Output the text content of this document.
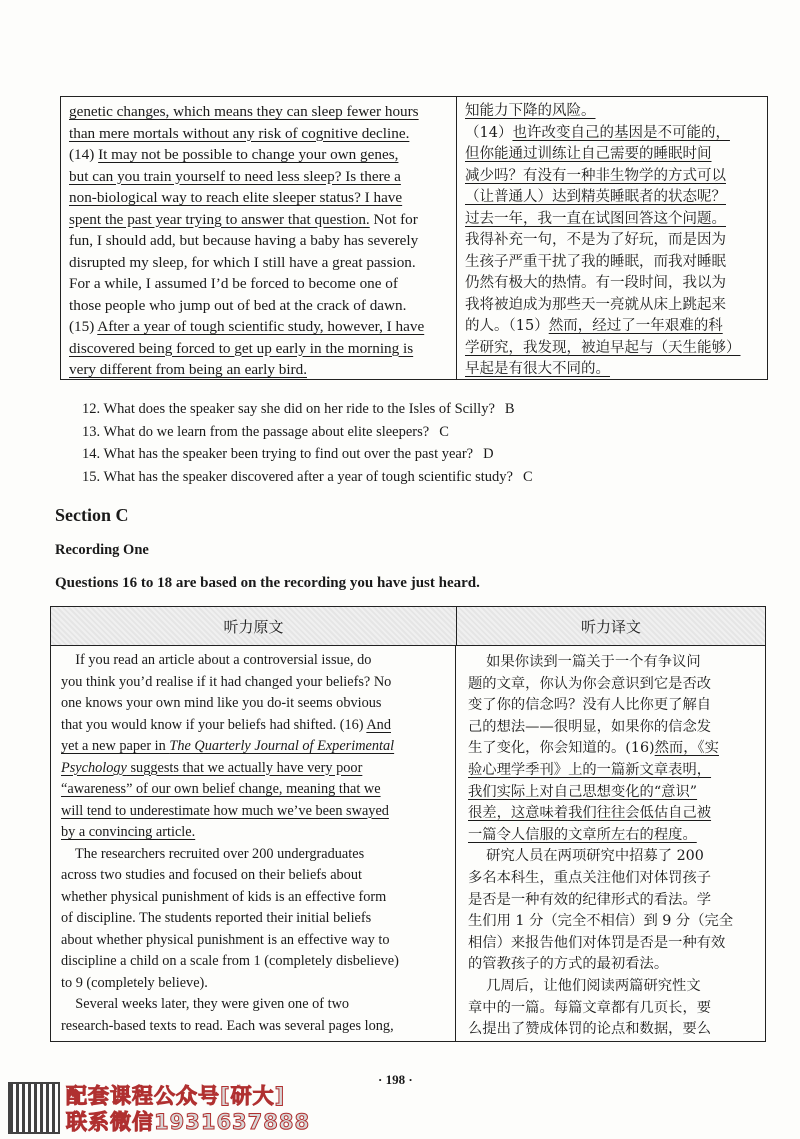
genetic changes, which means they can sleep fewer hours
than mere mortals without any risk of cognitive decline.
(14) It may not be possible to change your own genes,
but can you train yourself to need less sleep? Is there a
non-biological way to reach elite sleeper status? I have
spent the past year trying to answer that question. Not for
fun, I should add, but because having a baby has severely
disrupted my sleep, for which I still have a great passion.
For a while, I assumed I’d be forced to become one of
those people who jump out of bed at the crack of dawn.
(15) After a year of tough scientific study, however, I have
discovered being forced to get up early in the morning is
very different from being an early bird.
知能力下降的风险。
（14）也许改变自己的基因是不可能的，
但你能通过训练让自己需要的睡眠时间
减少吗？有没有一种非生物学的方式可以
（让普通人）达到精英睡眠者的状态呢？
过去一年，我一直在试图回答这个问题。
我得补充一句，不是为了好玩，而是因为
生孩子严重干扰了我的睡眠，而我对睡眠
仍然有极大的热情。有一段时间，我以为
我将被迫成为那些天一亮就从床上跳起来
的人。（15）然而，经过了一年艰难的科
学研究，我发现，被迫早起与（天生能够）
早起是有很大不同的。
12. What does the speaker say she did on her ride to the Isles of Scilly? B
13. What do we learn from the passage about elite sleepers? C
14. What has the speaker been trying to find out over the past year? D
15. What has the speaker discovered after a year of tough scientific study? C
Section C
Recording One
Questions 16 to 18 are based on the recording you have just heard.
听力原文	听力译文
If you read an article about a controversial issue, do
you think you’d realise if it had changed your beliefs? No
one knows your own mind like you do-it seems obvious
that you would know if your beliefs had shifted. (16) And
yet a new paper in The Quarterly Journal of Experimental
Psychology suggests that we actually have very poor
“awareness” of our own belief change, meaning that we
will tend to underestimate how much we’ve been swayed
by a convincing article.
The researchers recruited over 200 undergraduates
across two studies and focused on their beliefs about
whether physical punishment of kids is an effective form
of discipline. The students reported their initial beliefs
about whether physical punishment is an effective way to
discipline a child on a scale from 1 (completely disbelieve)
to 9 (completely believe).
Several weeks later, they were given one of two
research-based texts to read. Each was several pages long,
如果你读到一篇关于一个有争议问
题的文章，你认为你会意识到它是否改
变了你的信念吗？没有人比你更了解自
己的想法——很明显，如果你的信念发
生了变化，你会知道的。(16)然而，《实
验心理学季刊》上的一篇新文章表明，
我们实际上对自己思想变化的“意识”
很差，这意味着我们往往会低估自己被
一篇令人信服的文章所左右的程度。
研究人员在两项研究中招募了 200
多名本科生，重点关注他们对体罚孩子
是否是一种有效的纪律形式的看法。学
生们用 1 分（完全不相信）到 9 分（完全
相信）来报告他们对体罚是否是一种有效
的管教孩子的方式的最初看法。
几周后，让他们阅读两篇研究性文
章中的一篇。每篇文章都有几页长，要
么提出了赞成体罚的论点和数据，要么
· 198 ·
配套课程公众号[研大]
联系微信1931637888
